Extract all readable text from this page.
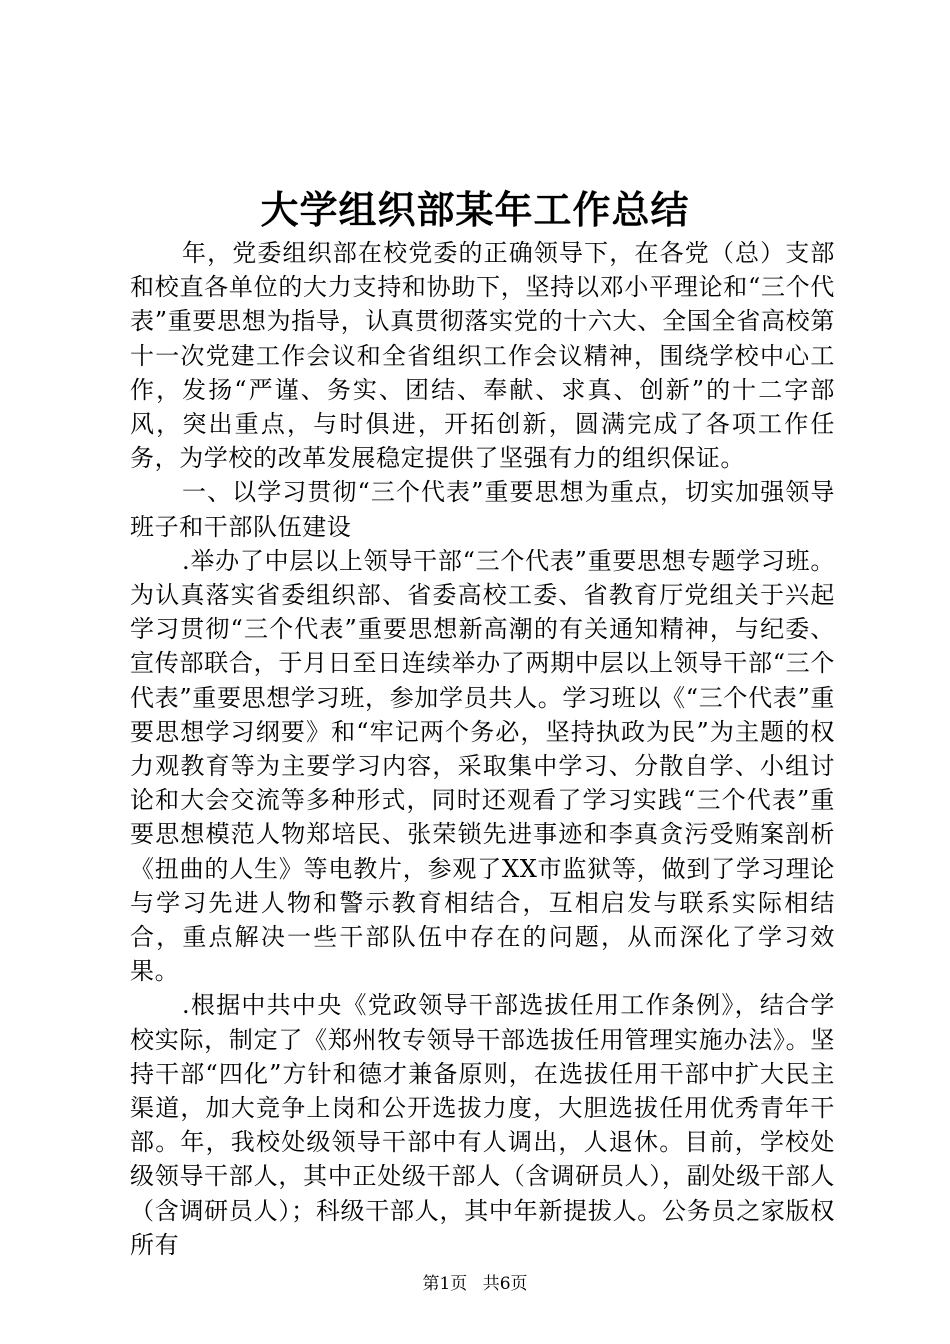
大学组织部某年工作总结

年，党委组织部在校党委的正确领导下，在各党（总）支部和校直各单位的大力支持和协助下，坚持以邓小平理论和“三个代表”重要思想为指导，认真贯彻落实党的十六大、全国全省高校第十一次党建工作会议和全省组织工作会议精神，围绕学校中心工作，发扬“严谨、务实、团结、奉献、求真、创新”的十二字部风，突出重点，与时俱进，开拓创新，圆满完成了各项工作任务，为学校的改革发展稳定提供了坚强有力的组织保证。

一、以学习贯彻“三个代表”重要思想为重点，切实加强领导班子和干部队伍建设

.举办了中层以上领导干部“三个代表”重要思想专题学习班。为认真落实省委组织部、省委高校工委、省教育厅党组关于兴起学习贯彻“三个代表”重要思想新高潮的有关通知精神，与纪委、宣传部联合，于月日至日连续举办了两期中层以上领导干部“三个代表”重要思想学习班，参加学员共人。学习班以《“三个代表”重要思想学习纲要》和“牢记两个务必，坚持执政为民”为主题的权力观教育等为主要学习内容，采取集中学习、分散自学、小组讨论和大会交流等多种形式，同时还观看了学习实践“三个代表”重要思想模范人物郑培民、张荣锁先进事迹和李真贪污受贿案剖析《扭曲的人生》等电教片，参观了XX市监狱等，做到了学习理论与学习先进人物和警示教育相结合，互相启发与联系实际相结合，重点解决一些干部队伍中存在的问题，从而深化了学习效果。

.根据中共中央《党政领导干部选拔任用工作条例》，结合学校实际，制定了《郑州牧专领导干部选拔任用管理实施办法》。坚持干部“四化”方针和德才兼备原则，在选拔任用干部中扩大民主渠道，加大竞争上岗和公开选拔力度，大胆选拔任用优秀青年干部。年，我校处级领导干部中有人调出，人退休。目前，学校处级领导干部人，其中正处级干部人（含调研员人），副处级干部人（含调研员人）；科级干部人，其中年新提拔人。公务员之家版权所有

第1页 共6页
